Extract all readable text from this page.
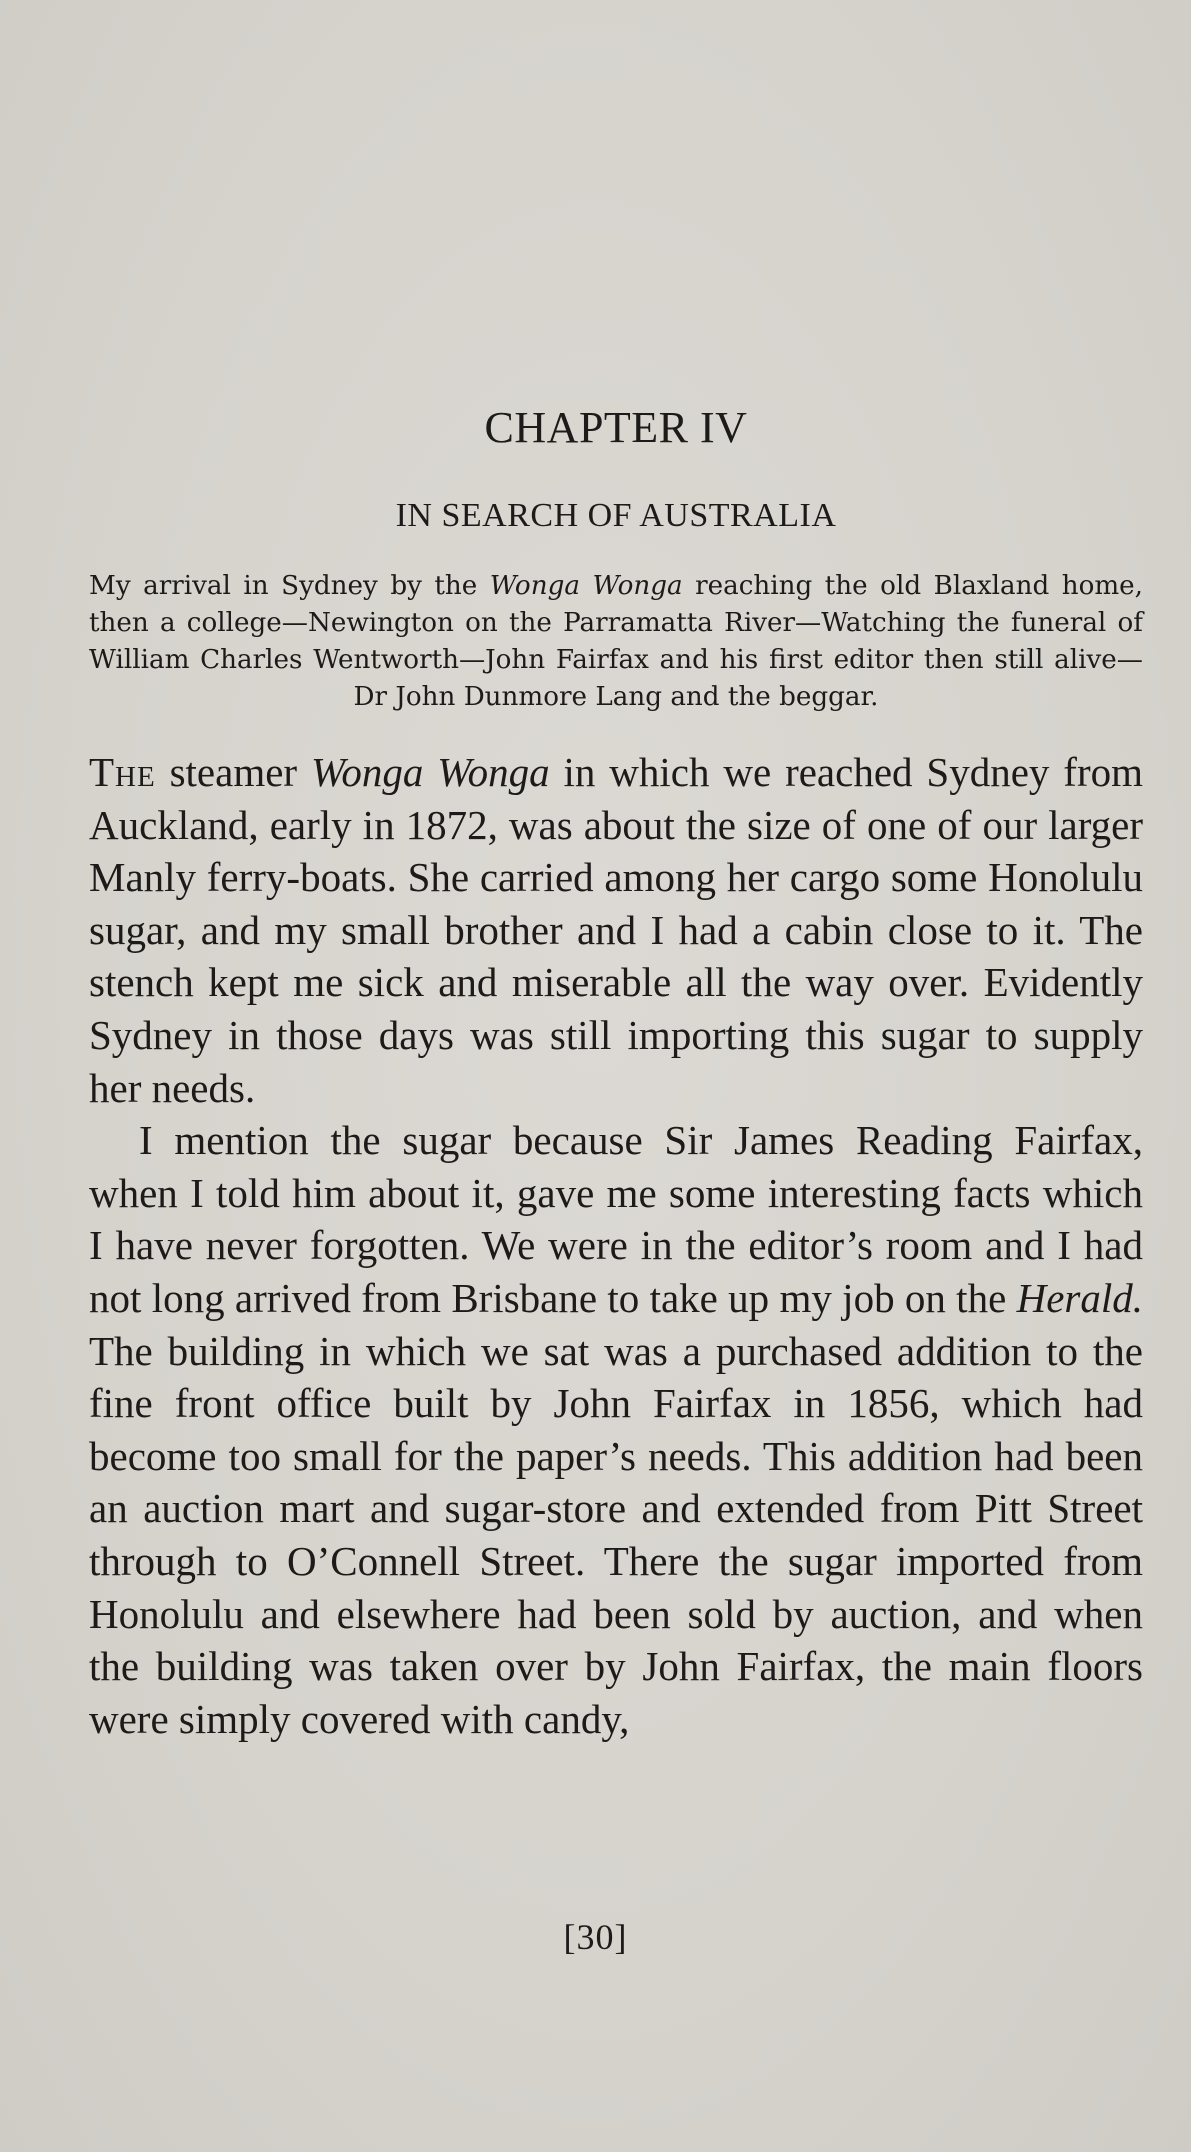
CHAPTER IV
IN SEARCH OF AUSTRALIA
My arrival in Sydney by the Wonga Wonga reaching the old Blaxland home, then a college—Newington on the Parramatta River—Watching the funeral of William Charles Wentworth—John Fairfax and his first editor then still alive—Dr John Dunmore Lang and the beggar.

The steamer Wonga Wonga in which we reached Sydney from Auckland, early in 1872, was about the size of one of our larger Manly ferry-boats. She carried among her cargo some Honolulu sugar, and my small brother and I had a cabin close to it. The stench kept me sick and miserable all the way over. Evidently Sydney in those days was still importing this sugar to supply her needs.

I mention the sugar because Sir James Reading Fairfax, when I told him about it, gave me some interesting facts which I have never forgotten. We were in the editor’s room and I had not long arrived from Brisbane to take up my job on the Herald. The building in which we sat was a purchased addition to the fine front office built by John Fairfax in 1856, which had become too small for the paper’s needs. This addition had been an auction mart and sugar-store and extended from Pitt Street through to O’Connell Street. There the sugar imported from Honolulu and elsewhere had been sold by auction, and when the building was taken over by John Fairfax, the main floors were simply covered with candy,

[30]
